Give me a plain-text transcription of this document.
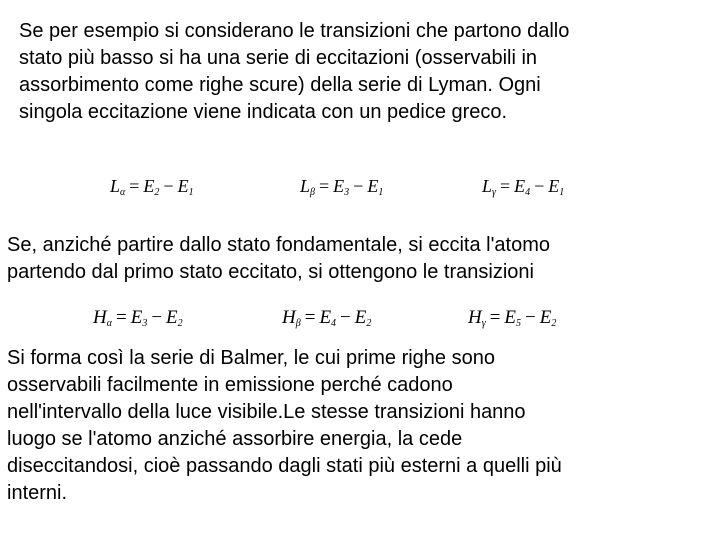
Se per esempio si considerano le transizioni che partono dallo
stato più basso si ha una serie di eccitazioni (osservabili in
assorbimento come righe scure) della serie di Lyman. Ogni
singola eccitazione viene indicata con un pedice greco.
$L_\alpha = E_2 - E_1$	$L_\beta = E_3 - E_1$	$L_\gamma = E_4 - E_1$
Se, anziché partire dallo stato fondamentale, si eccita l'atomo
partendo dal primo stato eccitato, si ottengono le transizioni
$H_\alpha = E_3 - E_2$	$H_\beta = E_4 - E_2$	$H_\gamma = E_5 - E_2$
Si forma così la serie di Balmer, le cui prime righe sono
osservabili facilmente in emissione perché cadono
nell'intervallo della luce visibile.Le stesse transizioni hanno
luogo se l'atomo anziché assorbire energia, la cede
diseccitandosi, cioè passando dagli stati più esterni a quelli più
interni.
